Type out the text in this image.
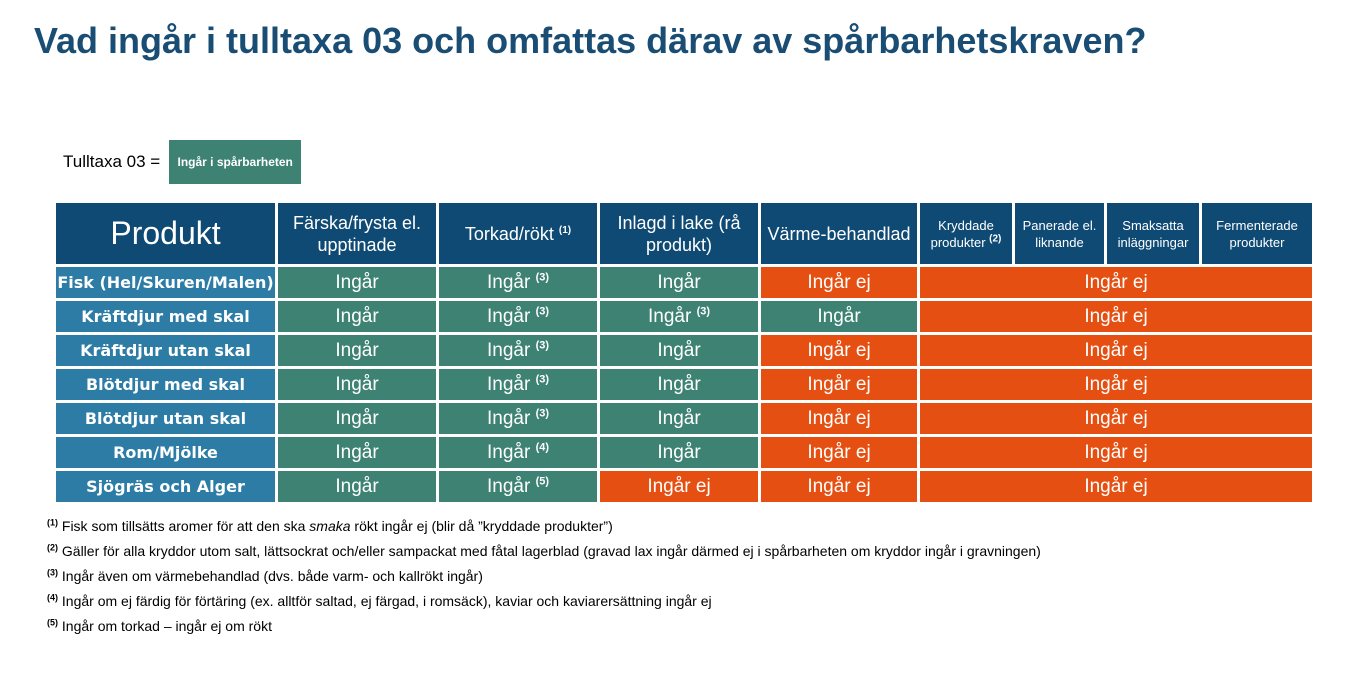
Vad ingår i tulltaxa 03 och omfattas därav av spårbarhetskraven?
Tulltaxa 03 =	Ingår i spårbarheten
Produkt	Färska/frysta el. upptinade	Torkad/rökt $^{(1)}$	Inlagd i lake (rå produkt)	Värme-behandlad	Kryddade produkter $^{(2)}$	Panerade el. liknande	Smaksatta inläggningar	Fermenterade produkter
Fisk (Hel/Skuren/Malen)	Ingår	Ingår $^{(3)}$	Ingår	Ingår ej	Ingår ej			
Kräftdjur med skal	Ingår	Ingår $^{(3)}$	Ingår $^{(3)}$	Ingår	Ingår ej			
Kräftdjur utan skal	Ingår	Ingår $^{(3)}$	Ingår	Ingår ej	Ingår ej			
Blötdjur med skal	Ingår	Ingår $^{(3)}$	Ingår	Ingår ej	Ingår ej			
Blötdjur utan skal	Ingår	Ingår $^{(3)}$	Ingår	Ingår ej	Ingår ej			
Rom/Mjölke	Ingår	Ingår $^{(4)}$	Ingår	Ingår ej	Ingår ej			
Sjögräs och Alger	Ingår	Ingår $^{(5)}$	Ingår ej	Ingår ej	Ingår ej			
$^{(1)}$ Fisk som tillsätts aromer för att den ska smaka rökt ingår ej (blir då ”kryddade produkter”)
$^{(2)}$ Gäller för alla kryddor utom salt, lättsockrat och/eller sampackat med fåtal lagerblad (gravad lax ingår därmed ej i spårbarheten om kryddor ingår i gravningen)
$^{(3)}$ Ingår även om värmebehandlad (dvs. både varm- och kallrökt ingår)
$^{(4)}$ Ingår om ej färdig för förtäring (ex. alltför saltad, ej färgad, i romsäck), kaviar och kaviarersättning ingår ej
$^{(5)}$ Ingår om torkad – ingår ej om rökt
